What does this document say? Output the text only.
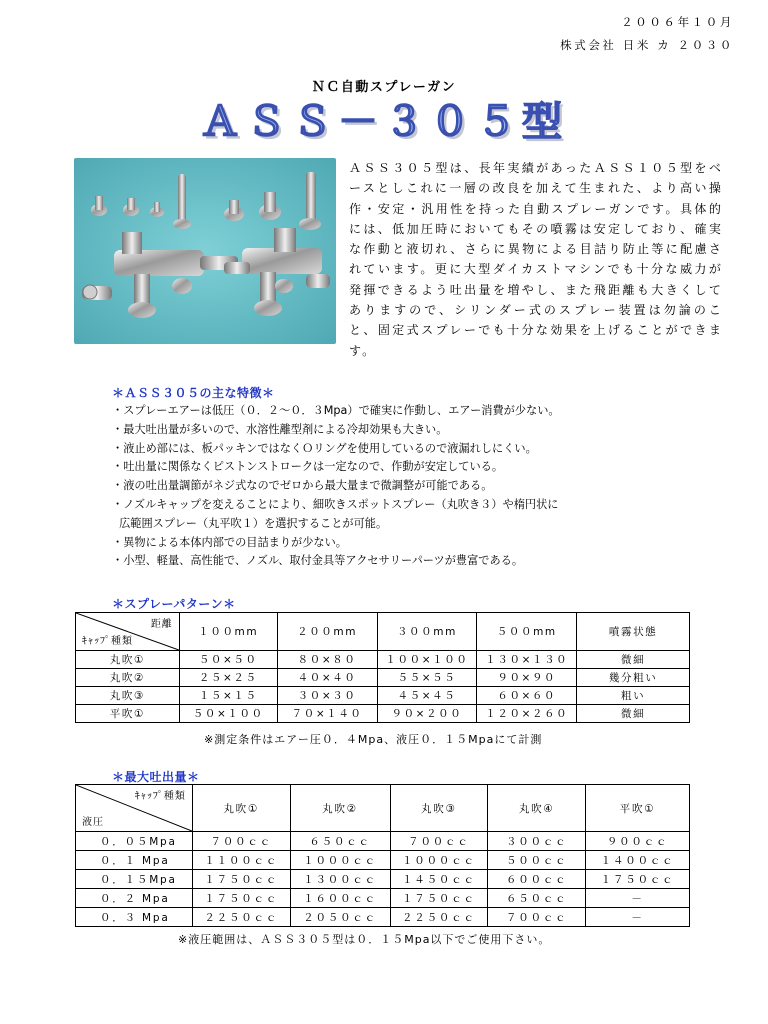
２００６年１０月
株式会社 日米 カ ２０３０
ＮＣ自動スプレーガン
ＡＳＳ－３０５型
ＡＳＳ３０５型は、長年実績があったＡＳＳ１０５型をベースとしこれに一層の改良を加えて生まれた、より高い操作・安定・汎用性を持った自動スプレーガンです。具体的には、低加圧時においてもその噴霧は安定しており、確実な作動と液切れ、さらに異物による目詰り防止等に配慮されています。更に大型ダイカストマシンでも十分な威力が発揮できるよう吐出量を増やし、また飛距離も大きくしてありますので、シリンダー式のスプレー装置は勿論のこと、固定式スプレーでも十分な効果を上げることができます。
＊ＡＳＳ３０５の主な特徴＊
・スプレーエアーは低圧（０．２〜０．３Mpa）で確実に作動し、エアー消費が少ない。
・最大吐出量が多いので、水溶性離型剤による冷却効果も大きい。
・液止め部には、板パッキンではなくＯリングを使用しているので液漏れしにくい。
・吐出量に関係なくピストンストロークは一定なので、作動が安定している。
・液の吐出量調節がネジ式なのでゼロから最大量まで微調整が可能である。
・ノズルキャップを変えることにより、細吹きスポットスプレー（丸吹き３）や楕円状に
広範囲スプレー（丸平吹１）を選択することが可能。
・異物による本体内部での目詰まりが少ない。
・小型、軽量、高性能で、ノズル、取付金具等アクセサリーパーツが豊富である。
＊スプレーパターン＊
距離
ｷｬｯﾌﾟ種類	１００mm	２００mm	３００mm	５００mm	噴霧状態
丸吹①	５０×５０	８０×８０	１００×１００	１３０×１３０	微細
丸吹②	２５×２５	４０×４０	５５×５５	９０×９０	幾分粗い
丸吹③	１５×１５	３０×３０	４５×４５	６０×６０	粗い
平吹①	５０×１００	７０×１４０	９０×２００	１２０×２６０	微細
※測定条件はエアー圧０．４Mpa、液圧０．１５Mpaにて計測
＊最大吐出量＊
ｷｬｯﾌﾟ種類
液圧	丸吹①	丸吹②	丸吹③	丸吹④	平吹①
０．０５Mpa	７００ｃｃ	６５０ｃｃ	７００ｃｃ	３００ｃｃ	９００ｃｃ
０．１ Mpa	１１００ｃｃ	１０００ｃｃ	１０００ｃｃ	５００ｃｃ	１４００ｃｃ
０．１５Mpa	１７５０ｃｃ	１３００ｃｃ	１４５０ｃｃ	６００ｃｃ	１７５０ｃｃ
０．２ Mpa	１７５０ｃｃ	１６００ｃｃ	１７５０ｃｃ	６５０ｃｃ	－
０．３ Mpa	２２５０ｃｃ	２０５０ｃｃ	２２５０ｃｃ	７００ｃｃ	－
※液圧範囲は、ＡＳＳ３０５型は０．１５Mpa以下でご使用下さい。
